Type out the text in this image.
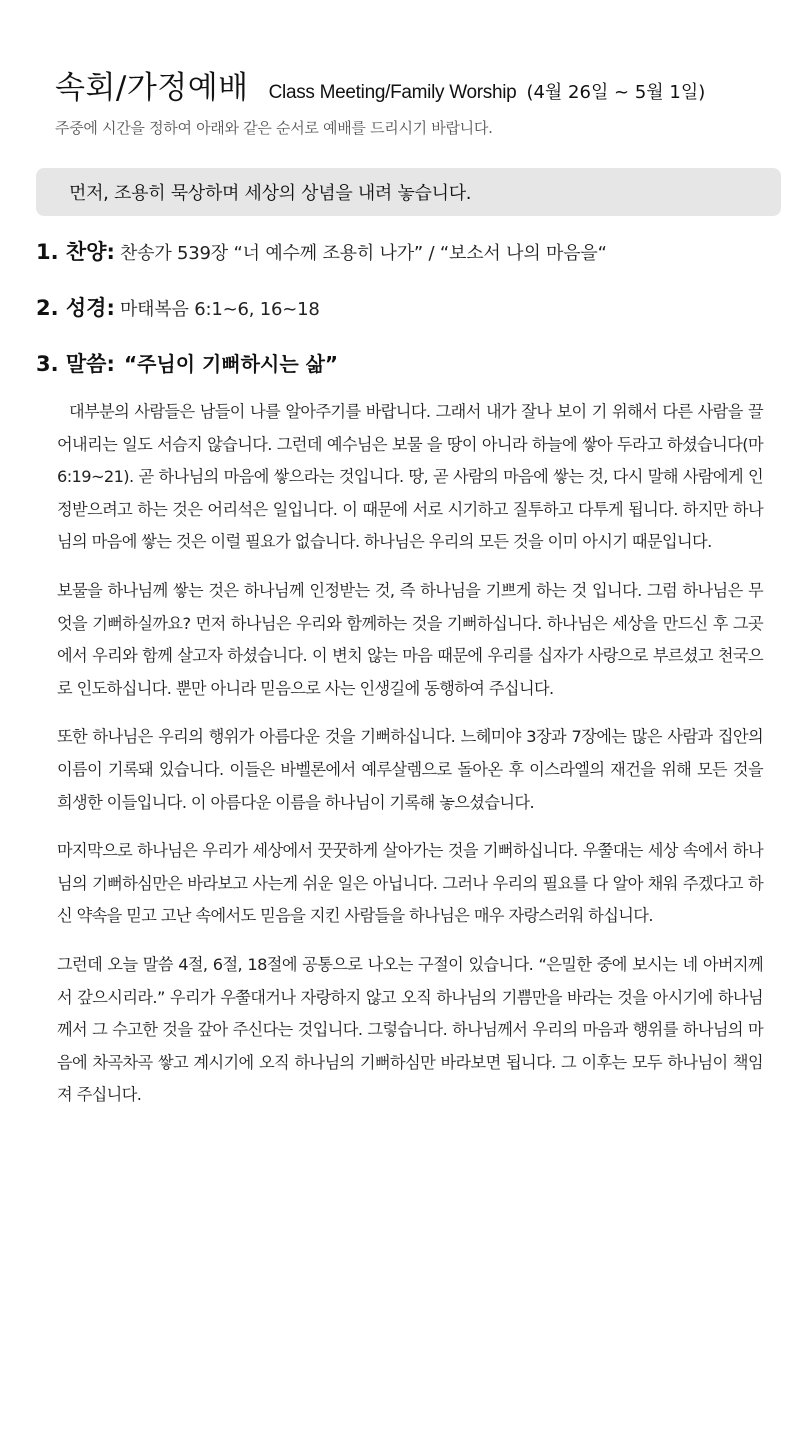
속회/가정예배 Class Meeting/Family Worship (4월 26일 ~ 5월 1일)
주중에 시간을 정하여 아래와 같은 순서로 예배를 드리시기 바랍니다.
먼저, 조용히 묵상하며 세상의 상념을 내려 놓습니다.
1. 찬양: 찬송가 539장 “너 예수께 조용히 나가” / “보소서 나의 마음을“
2. 성경: 마태복음 6:1~6, 16~18
3. 말씀: “주님이 기뻐하시는 삶”

대부분의 사람들은 남들이 나를 알아주기를 바랍니다. 그래서 내가 잘나 보이 기 위해서 다른 사람을 끌어내리는 일도 서슴지 않습니다. 그런데 예수님은 보물 을 땅이 아니라 하늘에 쌓아 두라고 하셨습니다(마 6:19~21). 곧 하나님의 마음에 쌓으라는 것입니다. 땅, 곧 사람의 마음에 쌓는 것, 다시 말해 사람에게 인정받으려고 하는 것은 어리석은 일입니다. 이 때문에 서로 시기하고 질투하고 다투게 됩니다. 하지만 하나님의 마음에 쌓는 것은 이럴 필요가 없습니다. 하나님은 우리의 모든 것을 이미 아시기 때문입니다.

보물을 하나님께 쌓는 것은 하나님께 인정받는 것, 즉 하나님을 기쁘게 하는 것 입니다. 그럼 하나님은 무엇을 기뻐하실까요? 먼저 하나님은 우리와 함께하는 것을 기뻐하십니다. 하나님은 세상을 만드신 후 그곳에서 우리와 함께 살고자 하셨습니다. 이 변치 않는 마음 때문에 우리를 십자가 사랑으로 부르셨고 천국으로 인도하십니다. 뿐만 아니라 믿음으로 사는 인생길에 동행하여 주십니다.

또한 하나님은 우리의 행위가 아름다운 것을 기뻐하십니다. 느헤미야 3장과 7장에는 많은 사람과 집안의 이름이 기록돼 있습니다. 이들은 바벨론에서 예루살렘으로 돌아온 후 이스라엘의 재건을 위해 모든 것을 희생한 이들입니다. 이 아름다운 이름을 하나님이 기록해 놓으셨습니다.

마지막으로 하나님은 우리가 세상에서 꿋꿋하게 살아가는 것을 기뻐하십니다. 우쭐대는 세상 속에서 하나님의 기뻐하심만은 바라보고 사는게 쉬운 일은 아닙니다. 그러나 우리의 필요를 다 알아 채워 주겠다고 하신 약속을 믿고 고난 속에서도 믿음을 지킨 사람들을 하나님은 매우 자랑스러워 하십니다.

그런데 오늘 말씀 4절, 6절, 18절에 공통으로 나오는 구절이 있습니다. “은밀한 중에 보시는 네 아버지께서 갚으시리라.” 우리가 우쭐대거나 자랑하지 않고 오직 하나님의 기쁨만을 바라는 것을 아시기에 하나님께서 그 수고한 것을 갚아 주신다는 것입니다. 그렇습니다. 하나님께서 우리의 마음과 행위를 하나님의 마음에 차곡차곡 쌓고 계시기에 오직 하나님의 기뻐하심만 바라보면 됩니다. 그 이후는 모두 하나님이 책임져 주십니다.
